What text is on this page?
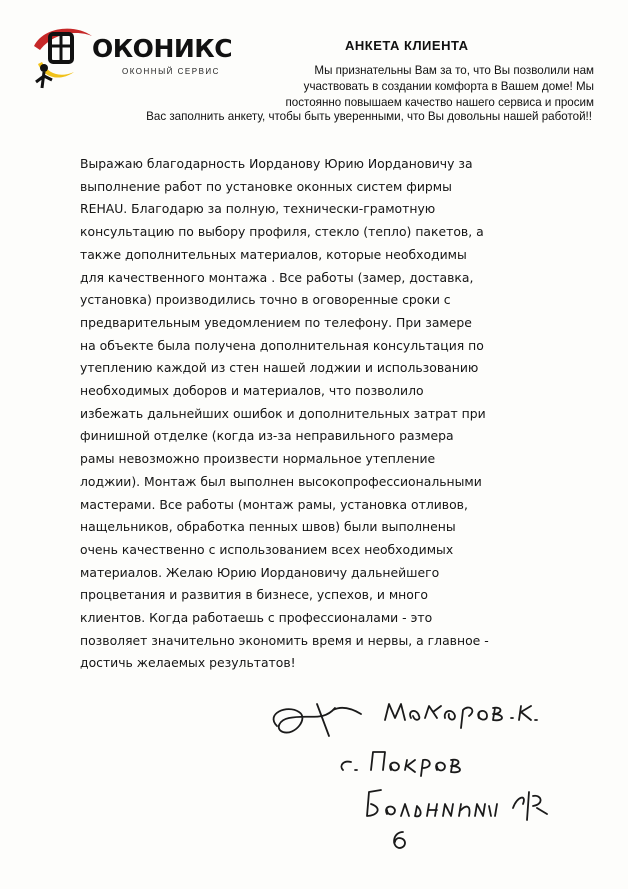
ОКОНИКС
ОКОННЫЙ СЕРВИС
АНКЕТА КЛИЕНТА
Мы признательны Вам за то, что Вы позволили нам
участвовать в создании комфорта в Вашем доме! Мы
постоянно повышаем качество нашего сервиса и просим
Вас заполнить анкету, чтобы быть уверенными, что Вы довольны нашей работой!!
Выражаю благодарность Иорданову Юрию Иордановичу за
выполнение работ по установке оконных систем фирмы
REHAU. Благодарю за полную, технически-грамотную
консультацию по выбору профиля, стекло (тепло) пакетов, а
также дополнительных материалов, которые необходимы
для качественного монтажа . Все работы (замер, доставка,
установка) производились точно в оговоренные сроки с
предварительным уведомлением по телефону. При замере
на объекте была получена дополнительная консультация по
утеплению каждой из стен нашей лоджии и использованию
необходимых доборов и материалов, что позволило
избежать дальнейших ошибок и дополнительных затрат при
финишной отделке (когда из-за неправильного размера
рамы невозможно произвести нормальное утепление
лоджии). Монтаж был выполнен высокопрофессиональными
мастерами. Все работы (монтаж рамы, установка отливов,
нащельников, обработка пенных швов) были выполнены
очень качественно с использованием всех необходимых
материалов. Желаю Юрию Иордановичу дальнейшего
процветания и развития в бизнесе, успехов, и много
клиентов. Когда работаешь с профессионалами - это
позволяет значительно экономить время и нервы, а главное -
достичь желаемых результатов!
